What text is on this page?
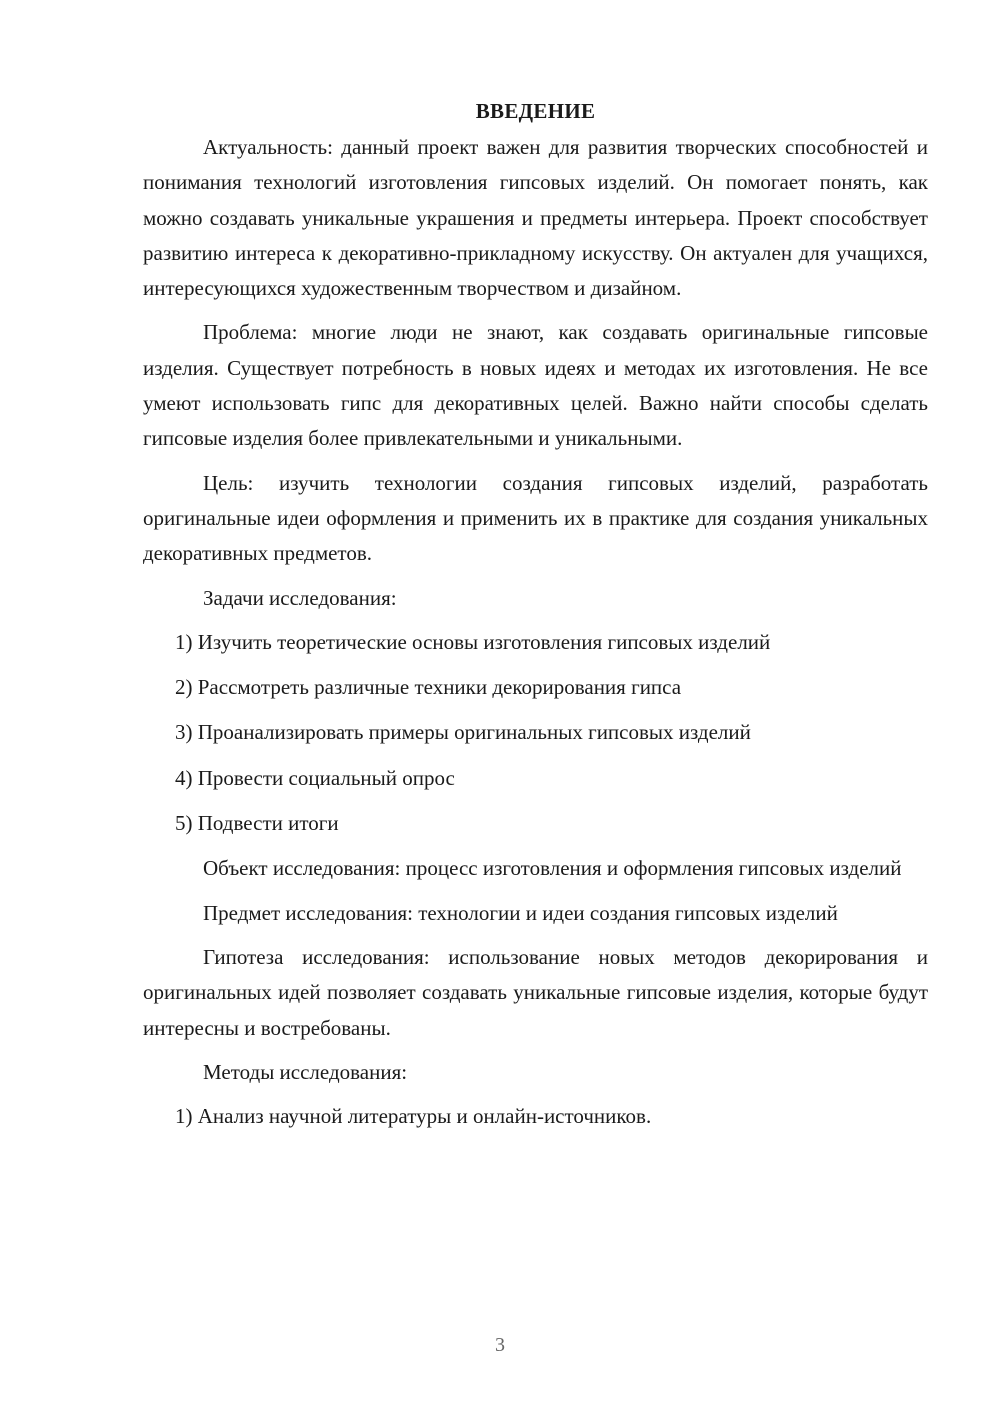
ВВЕДЕНИЕ

Актуальность: данный проект важен для развития творческих способностей и понимания технологий изготовления гипсовых изделий. Он помогает понять, как можно создавать уникальные украшения и предметы интерьера. Проект способствует развитию интереса к декоративно-прикладному искусству. Он актуален для учащихся, интересующихся художественным творчеством и дизайном.

Проблема: многие люди не знают, как создавать оригинальные гипсовые изделия. Существует потребность в новых идеях и методах их изготовления. Не все умеют использовать гипс для декоративных целей. Важно найти способы сделать гипсовые изделия более привлекательными и уникальными.

Цель: изучить технологии создания гипсовых изделий, разработать оригинальные идеи оформления и применить их в практике для создания уникальных декоративных предметов.

Задачи исследования:

1) Изучить теоретические основы изготовления гипсовых изделий
2) Рассмотреть различные техники декорирования гипса
3) Проанализировать примеры оригинальных гипсовых изделий
4) Провести социальный опрос
5) Подвести итоги

Объект исследования: процесс изготовления и оформления гипсовых изделий

Предмет исследования: технологии и идеи создания гипсовых изделий

Гипотеза исследования: использование новых методов декорирования и оригинальных идей позволяет создавать уникальные гипсовые изделия, которые будут интересны и востребованы.

Методы исследования:

1) Анализ научной литературы и онлайн-источников.
3
